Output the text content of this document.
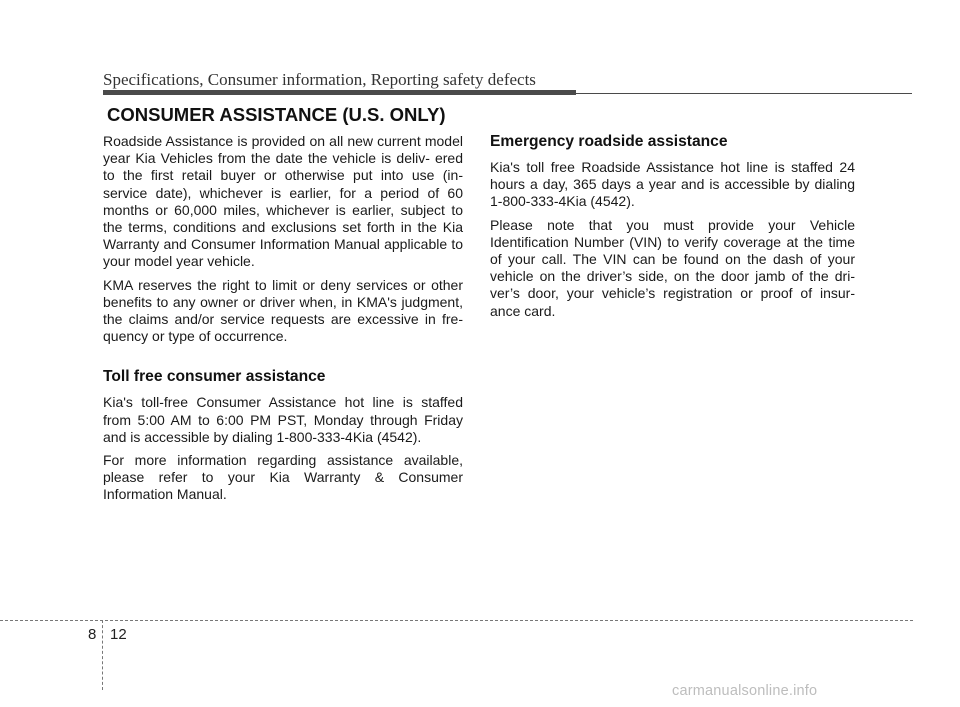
Specifications, Consumer information, Reporting safety defects
CONSUMER ASSISTANCE (U.S. ONLY)

Roadside Assistance is provided on all new current model year Kia Vehicles from the date the vehicle is deliv- ered to the first retail buyer or otherwise put into use (in- service date), whichever is earlier, for a period of 60 months or 60,000 miles, whichever is earlier, subject to the terms, conditions and exclusions set forth in the Kia Warranty and Consumer Information Manual applicable to your model year vehicle.

KMA reserves the right to limit or deny services or other benefits to any owner or driver when, in KMA's judgment, the claims and/or service requests are excessive in fre- quency or type of occurrence.

Toll free consumer assistance

Kia's toll-free Consumer Assistance hot line is staffed from 5:00 AM to 6:00 PM PST, Monday through Friday and is accessible by dialing 1-800-333-4Kia (4542).

For more information regarding assistance available, please refer to your Kia Warranty & Consumer Information Manual.

Emergency roadside assistance

Kia's toll free Roadside Assistance hot line is staffed 24 hours a day, 365 days a year and is accessible by dialing 1-800-333-4Kia (4542).

Please note that you must provide your Vehicle Identification Number (VIN) to verify coverage at the time of your call. The VIN can be found on the dash of your vehicle on the driver’s side, on the door jamb of the dri- ver’s door, your vehicle’s registration or proof of insur- ance card.

8 12
carmanualsonline.info
